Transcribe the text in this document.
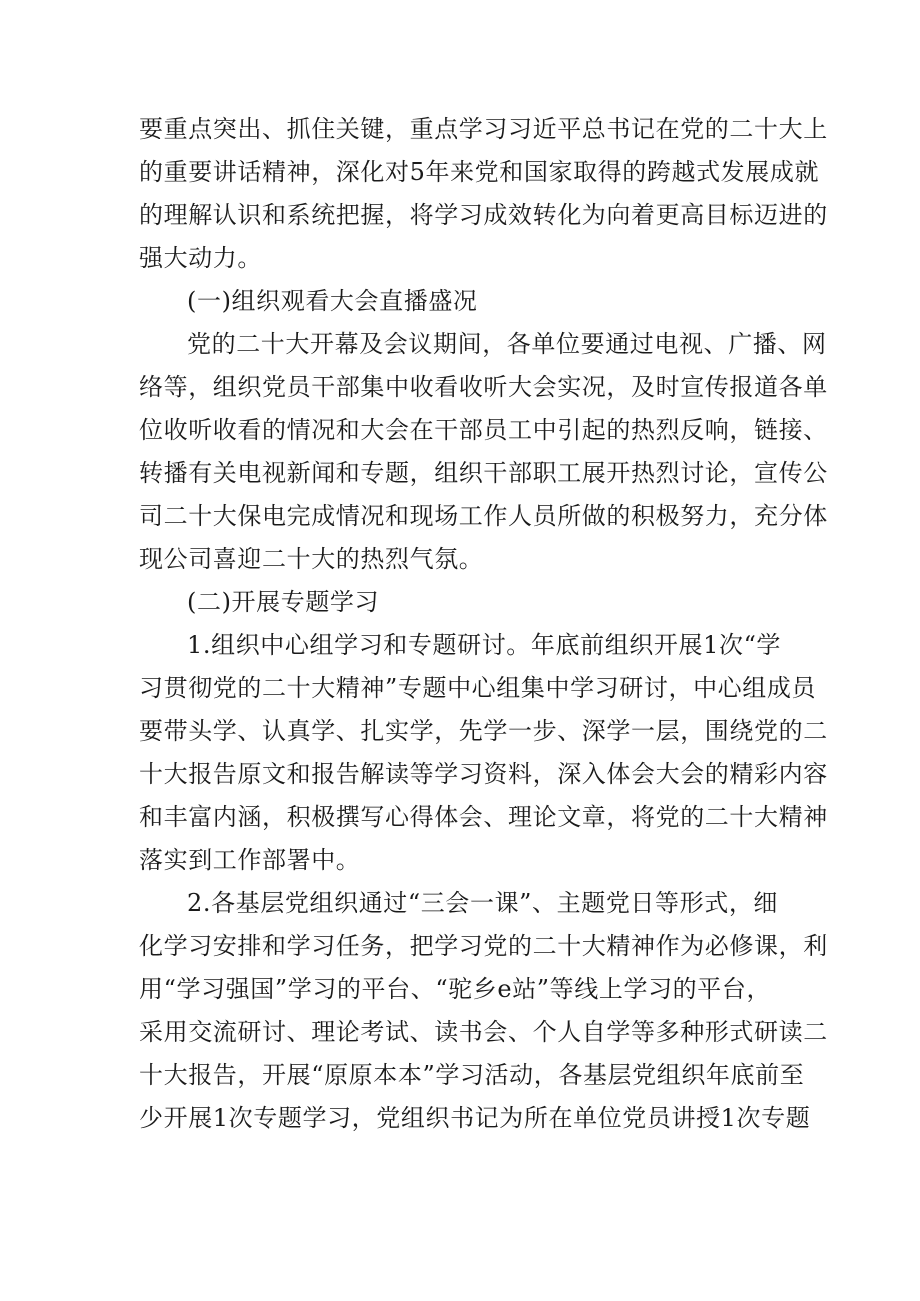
要重点突出、抓住关键，重点学习习近平总书记在党的二十大上
的重要讲话精神，深化对5年来党和国家取得的跨越式发展成就
的理解认识和系统把握，将学习成效转化为向着更高目标迈进的
强大动力。
(一)组织观看大会直播盛况
党的二十大开幕及会议期间，各单位要通过电视、广播、网
络等，组织党员干部集中收看收听大会实况，及时宣传报道各单
位收听收看的情况和大会在干部员工中引起的热烈反响，链接、
转播有关电视新闻和专题，组织干部职工展开热烈讨论，宣传公
司二十大保电完成情况和现场工作人员所做的积极努力，充分体
现公司喜迎二十大的热烈气氛。
(二)开展专题学习
1.组织中心组学习和专题研讨。年底前组织开展1次“学
习贯彻党的二十大精神”专题中心组集中学习研讨，中心组成员
要带头学、认真学、扎实学，先学一步、深学一层，围绕党的二
十大报告原文和报告解读等学习资料，深入体会大会的精彩内容
和丰富内涵，积极撰写心得体会、理论文章，将党的二十大精神
落实到工作部署中。
2.各基层党组织通过“三会一课”、主题党日等形式，细
化学习安排和学习任务，把学习党的二十大精神作为必修课，利
用“学习强国”学习的平台、“驼乡e站”等线上学习的平台，
采用交流研讨、理论考试、读书会、个人自学等多种形式研读二
十大报告，开展“原原本本”学习活动，各基层党组织年底前至
少开展1次专题学习，党组织书记为所在单位党员讲授1次专题
